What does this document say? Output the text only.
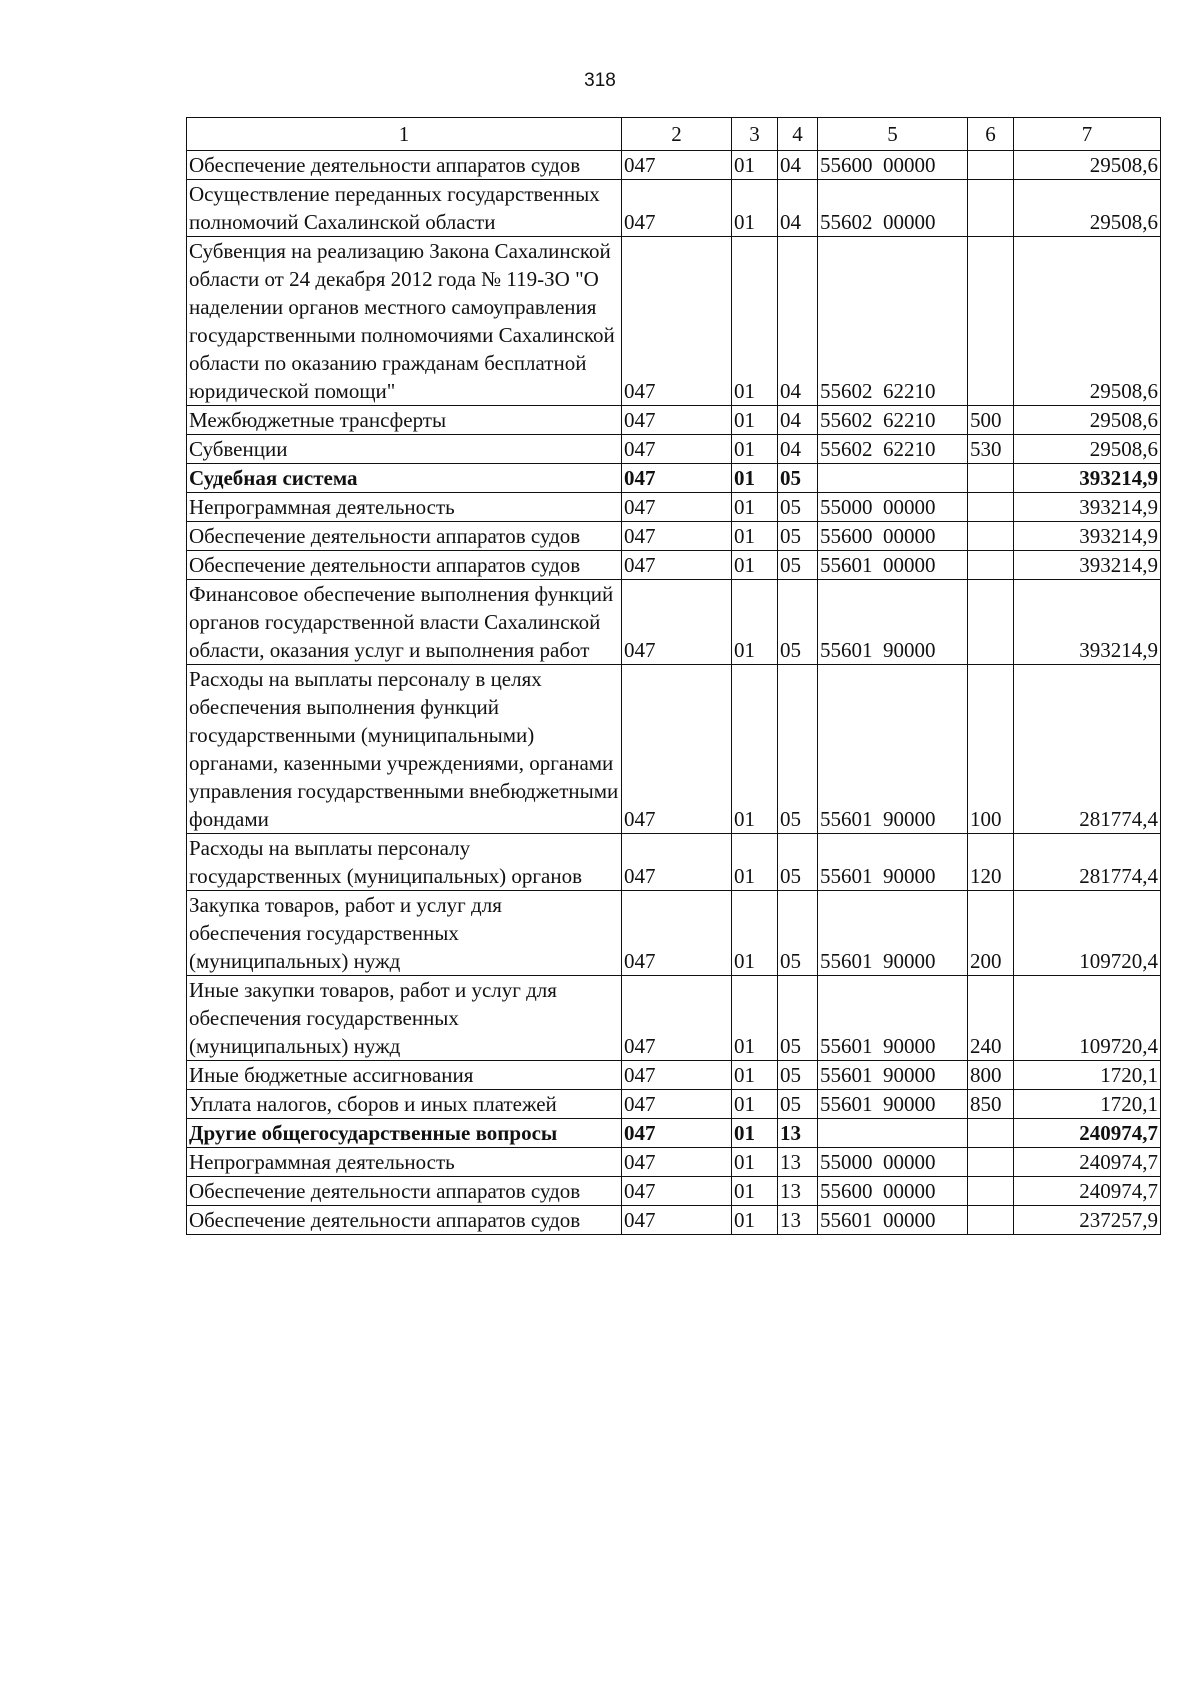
318
1	2	3	4	5	6	7
Обеспечение деятельности аппаратов судов	047	01	04	55600  00000		29508,6
Осуществление переданных государственных полномочий Сахалинской области	047	01	04	55602  00000		29508,6
Субвенция на реализацию Закона Сахалинской области от 24 декабря 2012 года № 119-ЗО "О наделении органов местного самоуправления государственными полномочиями Сахалинской области по оказанию гражданам бесплатной юридической помощи"	047	01	04	55602  62210		29508,6
Межбюджетные трансферты	047	01	04	55602  62210	500	29508,6
Субвенции	047	01	04	55602  62210	530	29508,6
Судебная система	047	01	05			393214,9
Непрограммная деятельность	047	01	05	55000  00000		393214,9
Обеспечение деятельности аппаратов судов	047	01	05	55600  00000		393214,9
Обеспечение деятельности аппаратов судов	047	01	05	55601  00000		393214,9
Финансовое обеспечение выполнения функций органов государственной власти Сахалинской области, оказания услуг и выполнения работ	047	01	05	55601  90000		393214,9
Расходы на выплаты персоналу в целях обеспечения выполнения функций государственными (муниципальными) органами, казенными учреждениями, органами управления государственными внебюджетными фондами	047	01	05	55601  90000	100	281774,4
Расходы на выплаты персоналу государственных (муниципальных) органов	047	01	05	55601  90000	120	281774,4
Закупка товаров, работ и услуг для обеспечения государственных (муниципальных) нужд	047	01	05	55601  90000	200	109720,4
Иные закупки товаров, работ и услуг для обеспечения государственных (муниципальных) нужд	047	01	05	55601  90000	240	109720,4
Иные бюджетные ассигнования	047	01	05	55601  90000	800	1720,1
Уплата налогов, сборов и иных платежей	047	01	05	55601  90000	850	1720,1
Другие общегосударственные вопросы	047	01	13			240974,7
Непрограммная деятельность	047	01	13	55000  00000		240974,7
Обеспечение деятельности аппаратов судов	047	01	13	55600  00000		240974,7
Обеспечение деятельности аппаратов судов	047	01	13	55601  00000		237257,9
